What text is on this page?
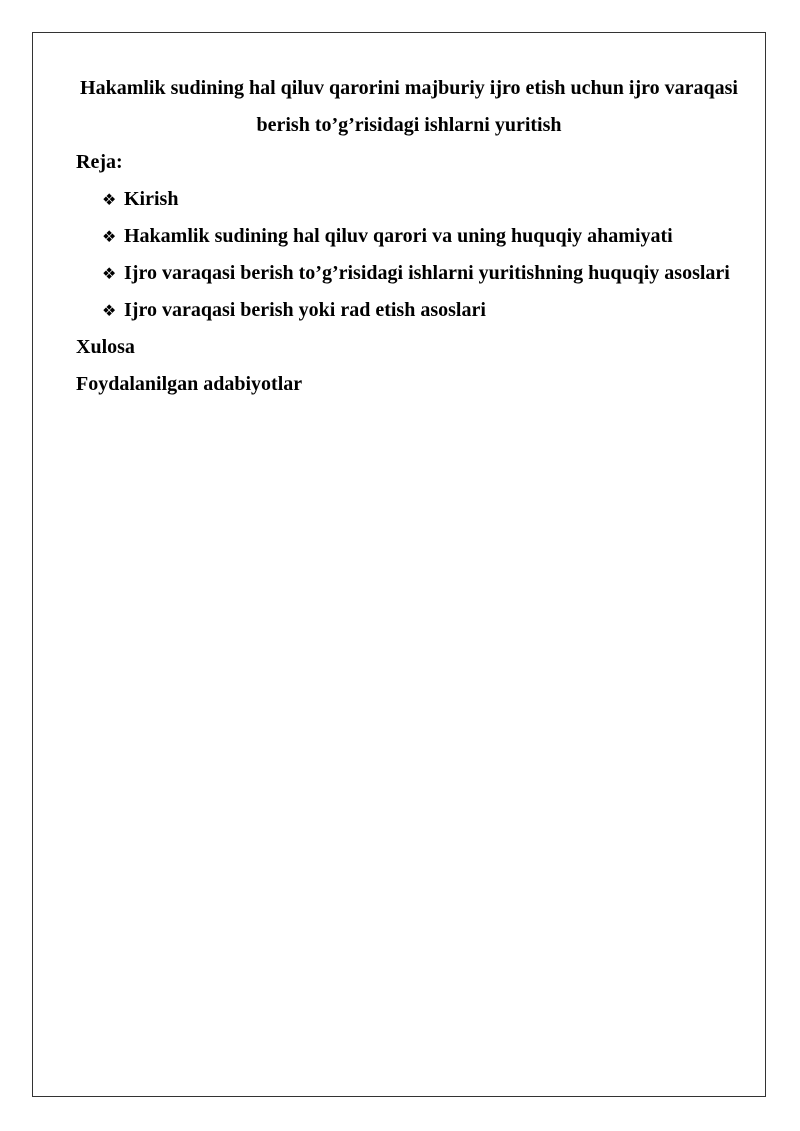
Hakamlik sudining hal qiluv qarorini majburiy ijro etish uchun ijro varaqasi berish to’g’risidagi ishlarni yuritish

Reja:

❖ Kirish
❖ Hakamlik sudining hal qiluv qarori va uning huquqiy ahamiyati
❖ Ijro varaqasi berish to’g’risidagi ishlarni yuritishning huquqiy asoslari
❖ Ijro varaqasi berish yoki rad etish asoslari

Xulosa

Foydalanilgan adabiyotlar
